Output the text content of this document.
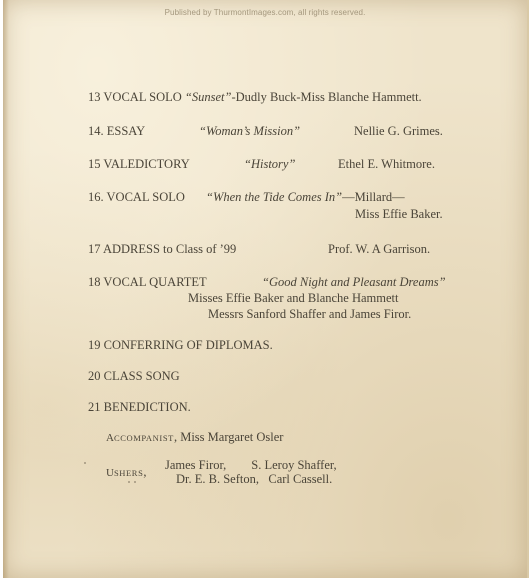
Published by ThurmontImages.com, all rights reserved.
13 VOCAL SOLO “Sunset”-Dudly Buck-Miss Blanche Hammett.
14. ESSAY	“Woman’s Mission”	Nellie G. Grimes.
15 VALEDICTORY	“History”	Ethel E. Whitmore.
16. VOCAL SOLO “When the Tide Comes In”—Millard—
Miss Effie Baker.
17 ADDRESS to Class of ’99	Prof. W. A Garrison.
18 VOCAL QUARTET	“Good Night and Pleasant Dreams”
Misses Effie Baker and Blanche Hammett
Messrs Sanford Shaffer and James Firor.
19 CONFERRING OF DIPLOMAS.
20 CLASS SONG
21 BENEDICTION.
ACCOMPANIST, Miss Margaret Osler
USHERS, James Firor,        S. Leroy Shaffer,
Dr. E. B. Sefton,   Carl Cassell.
